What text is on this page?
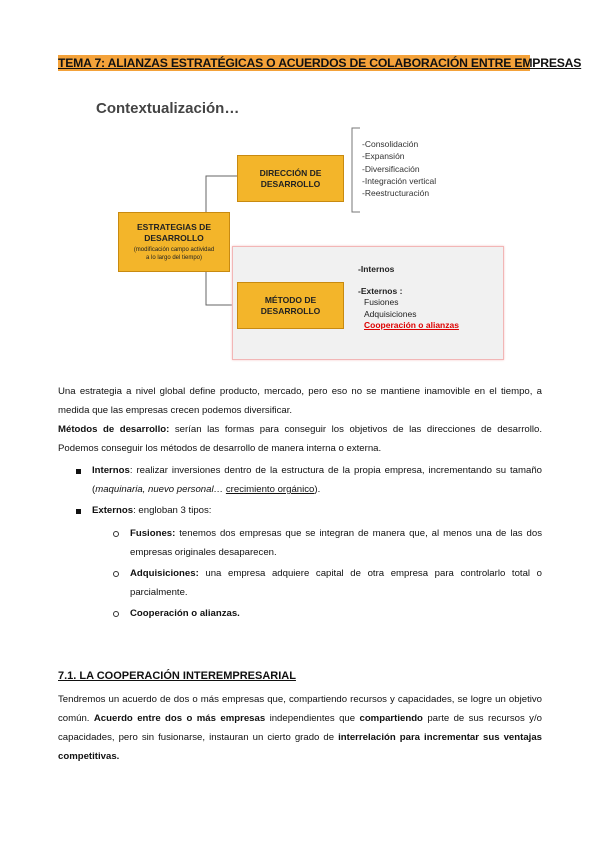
TEMA 7: ALIANZAS ESTRATÉGICAS O ACUERDOS DE COLABORACIÓN ENTRE EMPRESAS
Contextualización…
ESTRATEGIAS DE
DESARROLLO
(modificación campo actividad
a lo largo del tiempo)
DIRECCIÓN DE
DESARROLLO
MÉTODO DE
DESARROLLO
-Consolidación
-Expansión
-Diversificación
-Integración vertical
-Reestructuración
-Internos
-Externos :
Fusiones
Adquisiciones
Cooperación o alianzas

Una estrategia a nivel global define producto, mercado, pero eso no se mantiene inamovible en el tiempo, a medida que las empresas crecen podemos diversificar.

Métodos de desarrollo: serían las formas para conseguir los objetivos de las direcciones de desarrollo. Podemos conseguir los métodos de desarrollo de manera interna o externa.

Internos: realizar inversiones dentro de la estructura de la propia empresa, incrementando su tamaño (maquinaria, nuevo personal… crecimiento orgánico).

Externos: engloban 3 tipos:

Fusiones: tenemos dos empresas que se integran de manera que, al menos una de las dos empresas originales desaparecen.

Adquisiciones: una empresa adquiere capital de otra empresa para controlarlo total o parcialmente.

Cooperación o alianzas.

7.1. LA COOPERACIÓN INTEREMPRESARIAL

Tendremos un acuerdo de dos o más empresas que, compartiendo recursos y capacidades, se logre un objetivo común. Acuerdo entre dos o más empresas independientes que compartiendo parte de sus recursos y/o capacidades, pero sin fusionarse, instauran un cierto grado de interrelación para incrementar sus ventajas competitivas.
